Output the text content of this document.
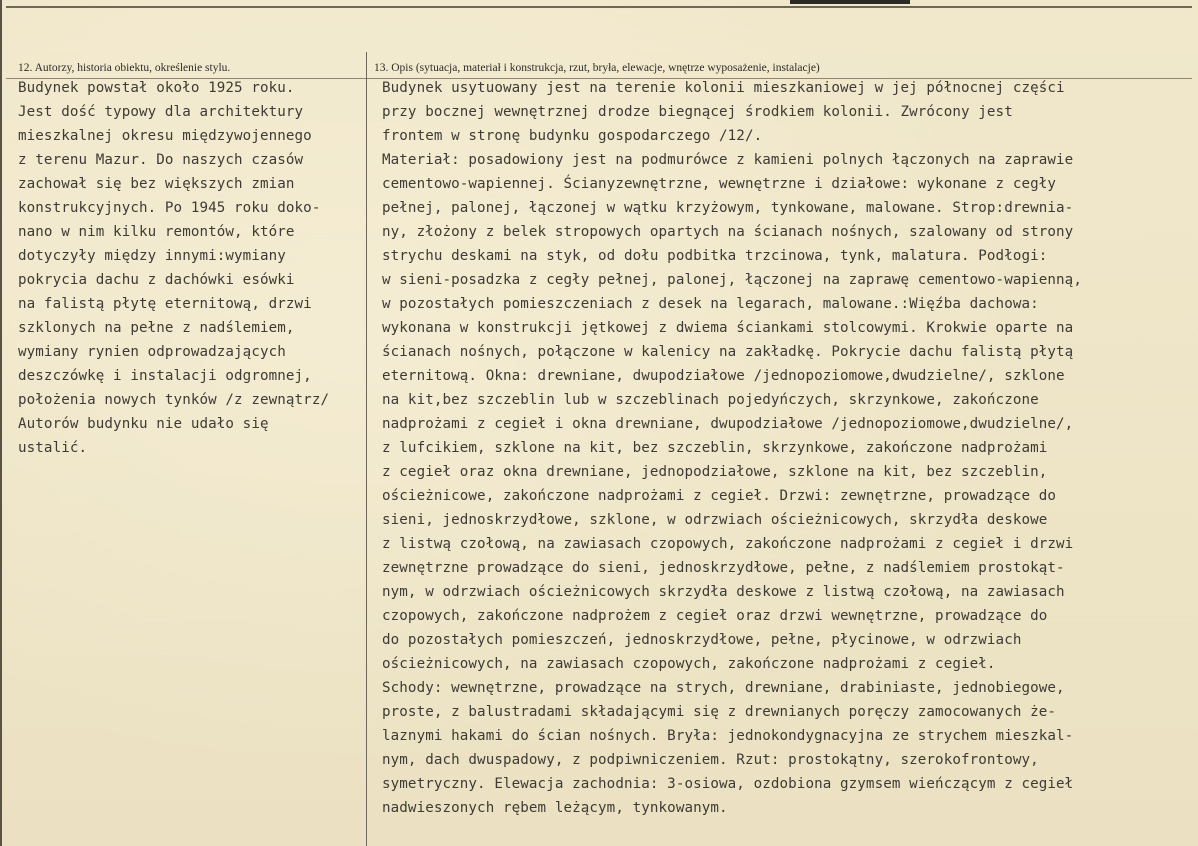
12. Autorzy, historia obiektu, określenie stylu.	13. Opis (sytuacja, materiał i konstrukcja, rzut, bryła, elewacje, wnętrze wyposażenie, instalacje)
Budynek powstał około 1925 roku.
Jest dość typowy dla architektury
mieszkalnej okresu międzywojennego
z terenu Mazur. Do naszych czasów
zachował się bez większych zmian
konstrukcyjnych. Po 1945 roku doko-
nano w nim kilku remontów, które
dotyczyły między innymi:wymiany
pokrycia dachu z dachówki esówki
na falistą płytę eternitową, drzwi
szklonych na pełne z nadślemiem,
wymiany rynien odprowadzających
deszczówkę i instalacji odgromnej,
położenia nowych tynków /z zewnątrz/
Autorów budynku nie udało się
ustalić.
Budynek usytuowany jest na terenie kolonii mieszkaniowej w jej północnej części
przy bocznej wewnętrznej drodze biegnącej środkiem kolonii. Zwrócony jest
frontem w stronę budynku gospodarczego /12/.
Materiał: posadowiony jest na podmurówce z kamieni polnych łączonych na zaprawie
cementowo-wapiennej. Ścianyzewnętrzne, wewnętrzne i działowe: wykonane z cegły
pełnej, palonej, łączonej w wątku krzyżowym, tynkowane, malowane. Strop:drewnia-
ny, złożony z belek stropowych opartych na ścianach nośnych, szalowany od strony
strychu deskami na styk, od dołu podbitka trzcinowa, tynk, malatura. Podłogi:
w sieni-posadzka z cegły pełnej, palonej, łączonej na zaprawę cementowo-wapienną,
w pozostałych pomieszczeniach z desek na legarach, malowane.:Więźba dachowa:
wykonana w konstrukcji jętkowej z dwiema ściankami stolcowymi. Krokwie oparte na
ścianach nośnych, połączone w kalenicy na zakładkę. Pokrycie dachu falistą płytą
eternitową. Okna: drewniane, dwupodziałowe /jednopoziomowe,dwudzielne/, szklone
na kit,bez szczeblin lub w szczeblinach pojedyńczych, skrzynkowe, zakończone
nadprożami z cegieł i okna drewniane, dwupodziałowe /jednopoziomowe,dwudzielne/,
z lufcikiem, szklone na kit, bez szczeblin, skrzynkowe, zakończone nadprożami
z cegieł oraz okna drewniane, jednopodziałowe, szklone na kit, bez szczeblin,
ościeżnicowe, zakończone nadprożami z cegieł. Drzwi: zewnętrzne, prowadzące do
sieni, jednoskrzydłowe, szklone, w odrzwiach ościeżnicowych, skrzydła deskowe
z listwą czołową, na zawiasach czopowych, zakończone nadprożami z cegieł i drzwi
zewnętrzne prowadzące do sieni, jednoskrzydłowe, pełne, z nadślemiem prostokąt-
nym, w odrzwiach ościeżnicowych skrzydła deskowe z listwą czołową, na zawiasach
czopowych, zakończone nadprożem z cegieł oraz drzwi wewnętrzne, prowadzące do
do pozostałych pomieszczeń, jednoskrzydłowe, pełne, płycinowe, w odrzwiach
ościeżnicowych, na zawiasach czopowych, zakończone nadprożami z cegieł.
Schody: wewnętrzne, prowadzące na strych, drewniane, drabiniaste, jednobiegowe,
proste, z balustradami składającymi się z drewnianych poręczy zamocowanych że-
laznymi hakami do ścian nośnych. Bryła: jednokondygnacyjna ze strychem mieszkal-
nym, dach dwuspadowy, z podpiwniczeniem. Rzut: prostokątny, szerokofrontowy,
symetryczny. Elewacja zachodnia: 3-osiowa, ozdobiona gzymsem wieńczącym z cegieł
nadwieszonych rębem leżącym, tynkowanym.
